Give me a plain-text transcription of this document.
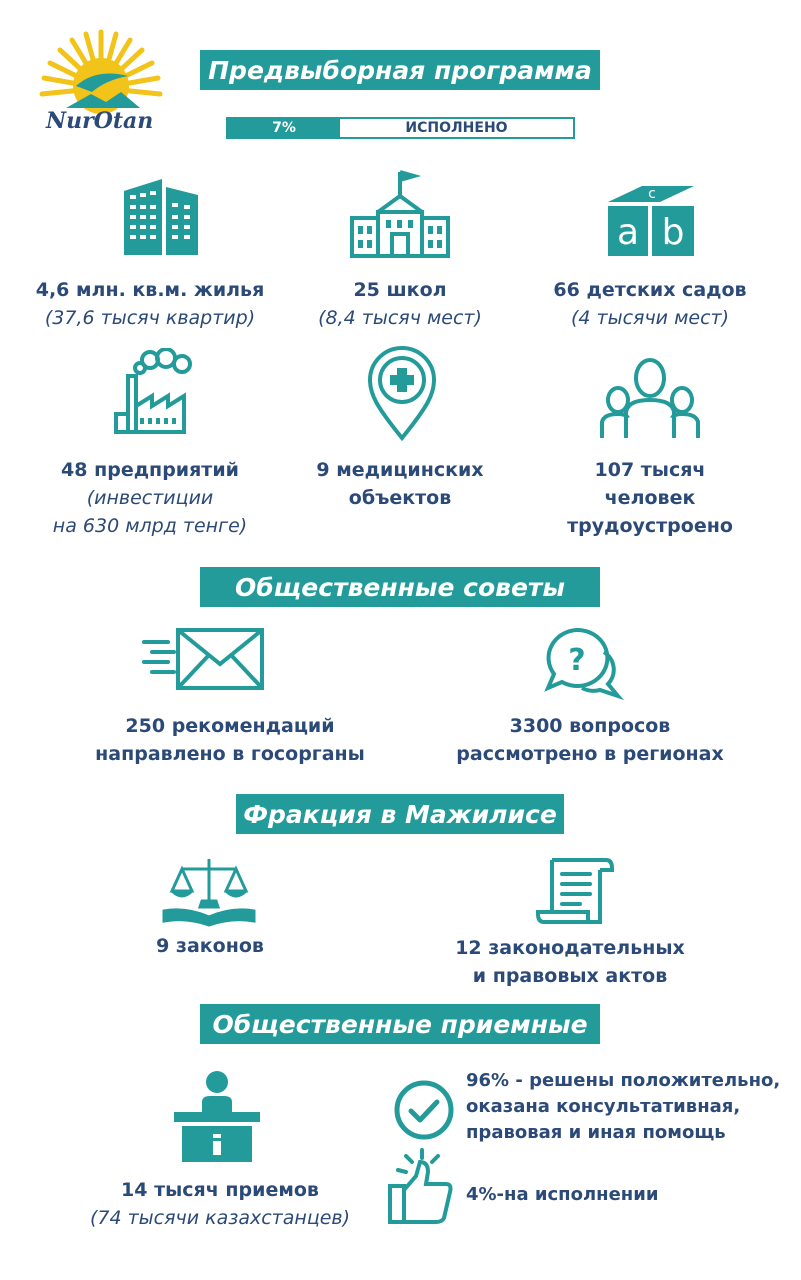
NurOtan
Предвыборная программа
7%	ИСПОЛНЕНО
a b
c
4,6 млн. кв.м. жилья
(37,6 тысяч квартир)
25 школ
(8,4 тысяч мест)
66 детских садов
(4 тысячи мест)
48 предприятий
(инвестиции
на 630 млрд тенге)
9 медицинских
объектов
107 тысяч
человек
трудоустроено
Общественные советы
?
250 рекомендаций
направлено в госорганы
3300 вопросов
рассмотрено в регионах
Фракция в Мажилисе
9 законов	12 законодательных
и правовых актов
Общественные приемные
14 тысяч приемов
(74 тысячи казахстанцев)
96% - решены положительно,
оказана консультативная,
правовая и иная помощь
4%-на исполнении
